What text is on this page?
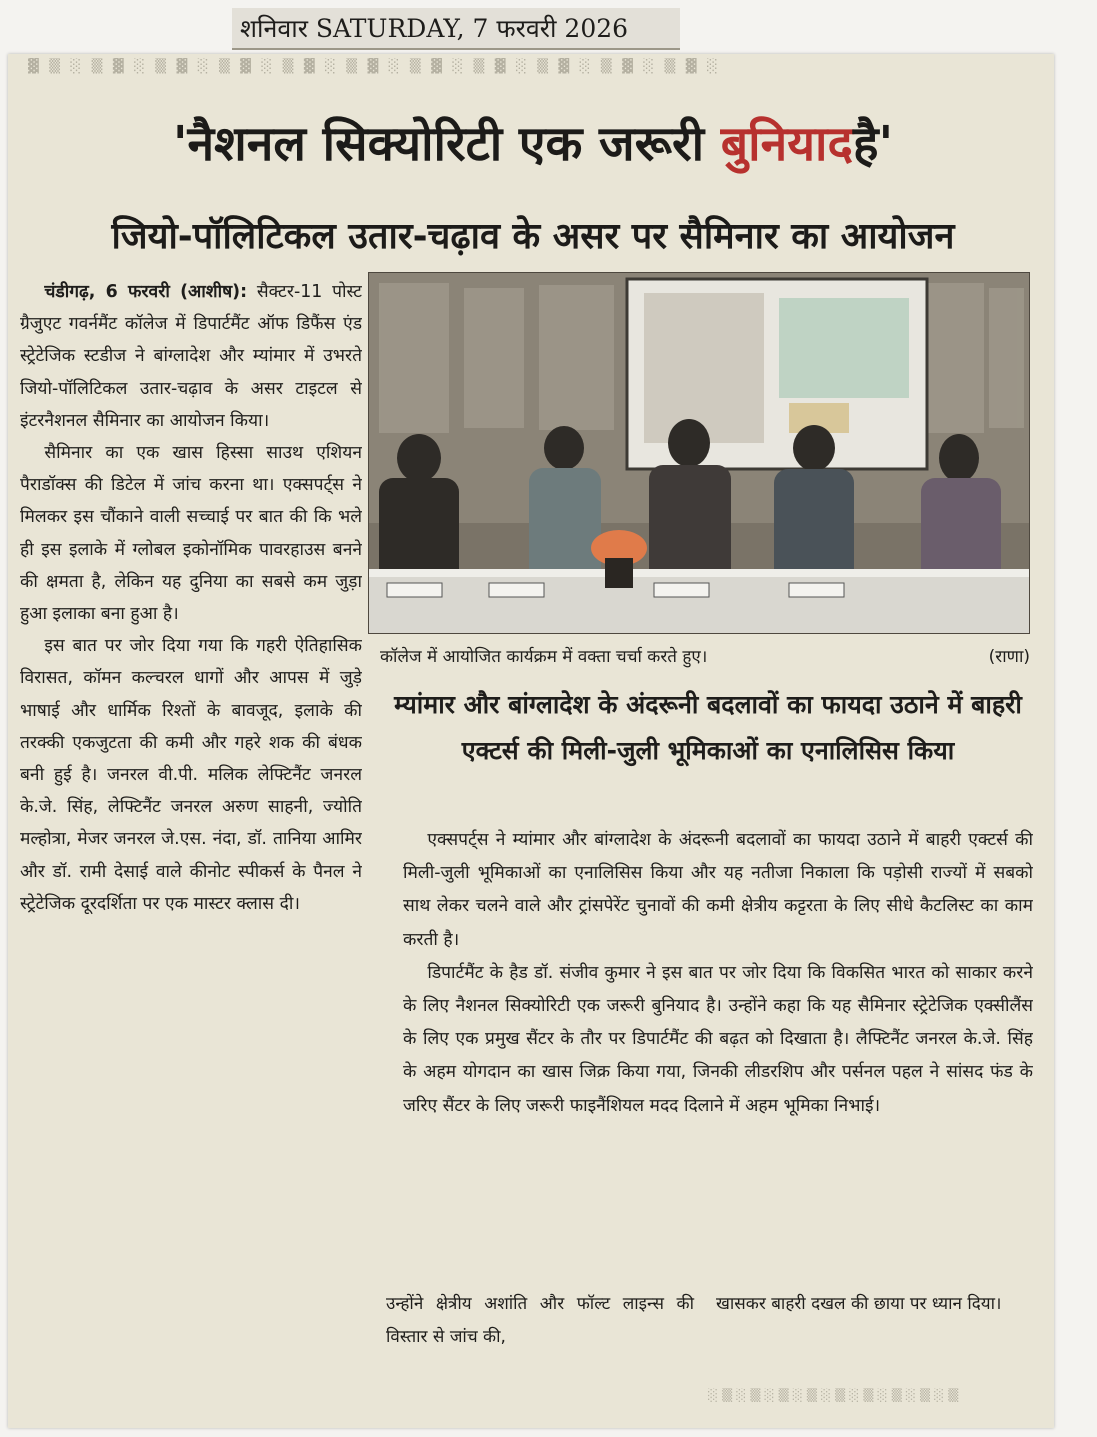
शनिवार SATURDAY, 7 फरवरी 2026
▓ ▒ ░ ▒ ▓ ░ ▒ ▓ ░ ▒ ▓ ░ ▒ ▓ ░ ▒ ▓ ░ ▒ ▓ ░ ▒ ▓ ░ ▒ ▓ ░ ▒ ▓ ░ ▒ ▓ ░
'नैशनल सिक्योरिटी एक जरूरी बुनियादहै'
जियो-पॉलिटिकल उतार-चढ़ाव के असर पर सैमिनार का आयोजन

चंडीगढ़, 6 फरवरी (आशीष): सैक्टर-11 पोस्ट ग्रैजुएट गवर्नमैंट कॉलेज में डिपार्टमैंट ऑफ डिफैंस एंड स्ट्रेटेजिक स्टडीज ने बांग्लादेश और म्यांमार में उभरते जियो-पॉलिटिकल उतार-चढ़ाव के असर टाइटल से इंटरनैशनल सैमिनार का आयोजन किया।

सैमिनार का एक खास हिस्सा साउथ एशियन पैराडॉक्स की डिटेल में जांच करना था। एक्सपर्ट्स ने मिलकर इस चौंकाने वाली सच्चाई पर बात की कि भले ही इस इलाके में ग्लोबल इकोनॉमिक पावरहाउस बनने की क्षमता है, लेकिन यह दुनिया का सबसे कम जुड़ा हुआ इलाका बना हुआ है।

इस बात पर जोर दिया गया कि गहरी ऐतिहासिक विरासत, कॉमन कल्चरल धागों और आपस में जुड़े भाषाई और धार्मिक रिश्तों के बावजूद, इलाके की तरक्की एकजुटता की कमी और गहरे शक की बंधक बनी हुई है। जनरल वी.पी. मलिक लेफ्टिनैंट जनरल के.जे. सिंह, लेफ्टिनैंट जनरल अरुण साहनी, ज्योति मल्होत्रा, मेजर जनरल जे.एस. नंदा, डॉ. तानिया आमिर और डॉ. रामी देसाई वाले कीनोट स्पीकर्स के पैनल ने स्ट्रेटेजिक दूरदर्शिता पर एक मास्टर क्लास दी।

कॉलेज में आयोजित कार्यक्रम में वक्ता चर्चा करते हुए।	(राणा)
म्यांमार और बांग्लादेश के अंदरूनी बदलावों का फायदा उठाने में बाहरी एक्टर्स की मिली-जुली भूमिकाओं का एनालिसिस किया

एक्सपर्ट्स ने म्यांमार और बांग्लादेश के अंदरूनी बदलावों का फायदा उठाने में बाहरी एक्टर्स की मिली-जुली भूमिकाओं का एनालिसिस किया और यह नतीजा निकाला कि पड़ोसी राज्यों में सबको साथ लेकर चलने वाले और ट्रांसपेरेंट चुनावों की कमी क्षेत्रीय कट्टरता के लिए सीधे कैटलिस्ट का काम करती है।

डिपार्टमैंट के हैड डॉ. संजीव कुमार ने इस बात पर जोर दिया कि विकसित भारत को साकार करने के लिए नैशनल सिक्योरिटी एक जरूरी बुनियाद है। उन्होंने कहा कि यह सैमिनार स्ट्रेटेजिक एक्सीलैंस के लिए एक प्रमुख सैंटर के तौर पर डिपार्टमैंट की बढ़त को दिखाता है। लैफ्टिनैंट जनरल के.जे. सिंह के अहम योगदान का खास जिक्र किया गया, जिनकी लीडरशिप और पर्सनल पहल ने सांसद फंड के जरिए सैंटर के लिए जरूरी फाइनैंशियल मदद दिलाने में अहम भूमिका निभाई।

उन्होंने क्षेत्रीय अशांति और फॉल्ट लाइन्स की विस्तार से जांच की,
खासकर बाहरी दखल की छाया पर ध्यान दिया।
░ ▒ ░ ▒ ░ ▒ ░ ▒ ░ ▒ ░ ▒ ░ ▒ ░ ▒ ░ ▒
